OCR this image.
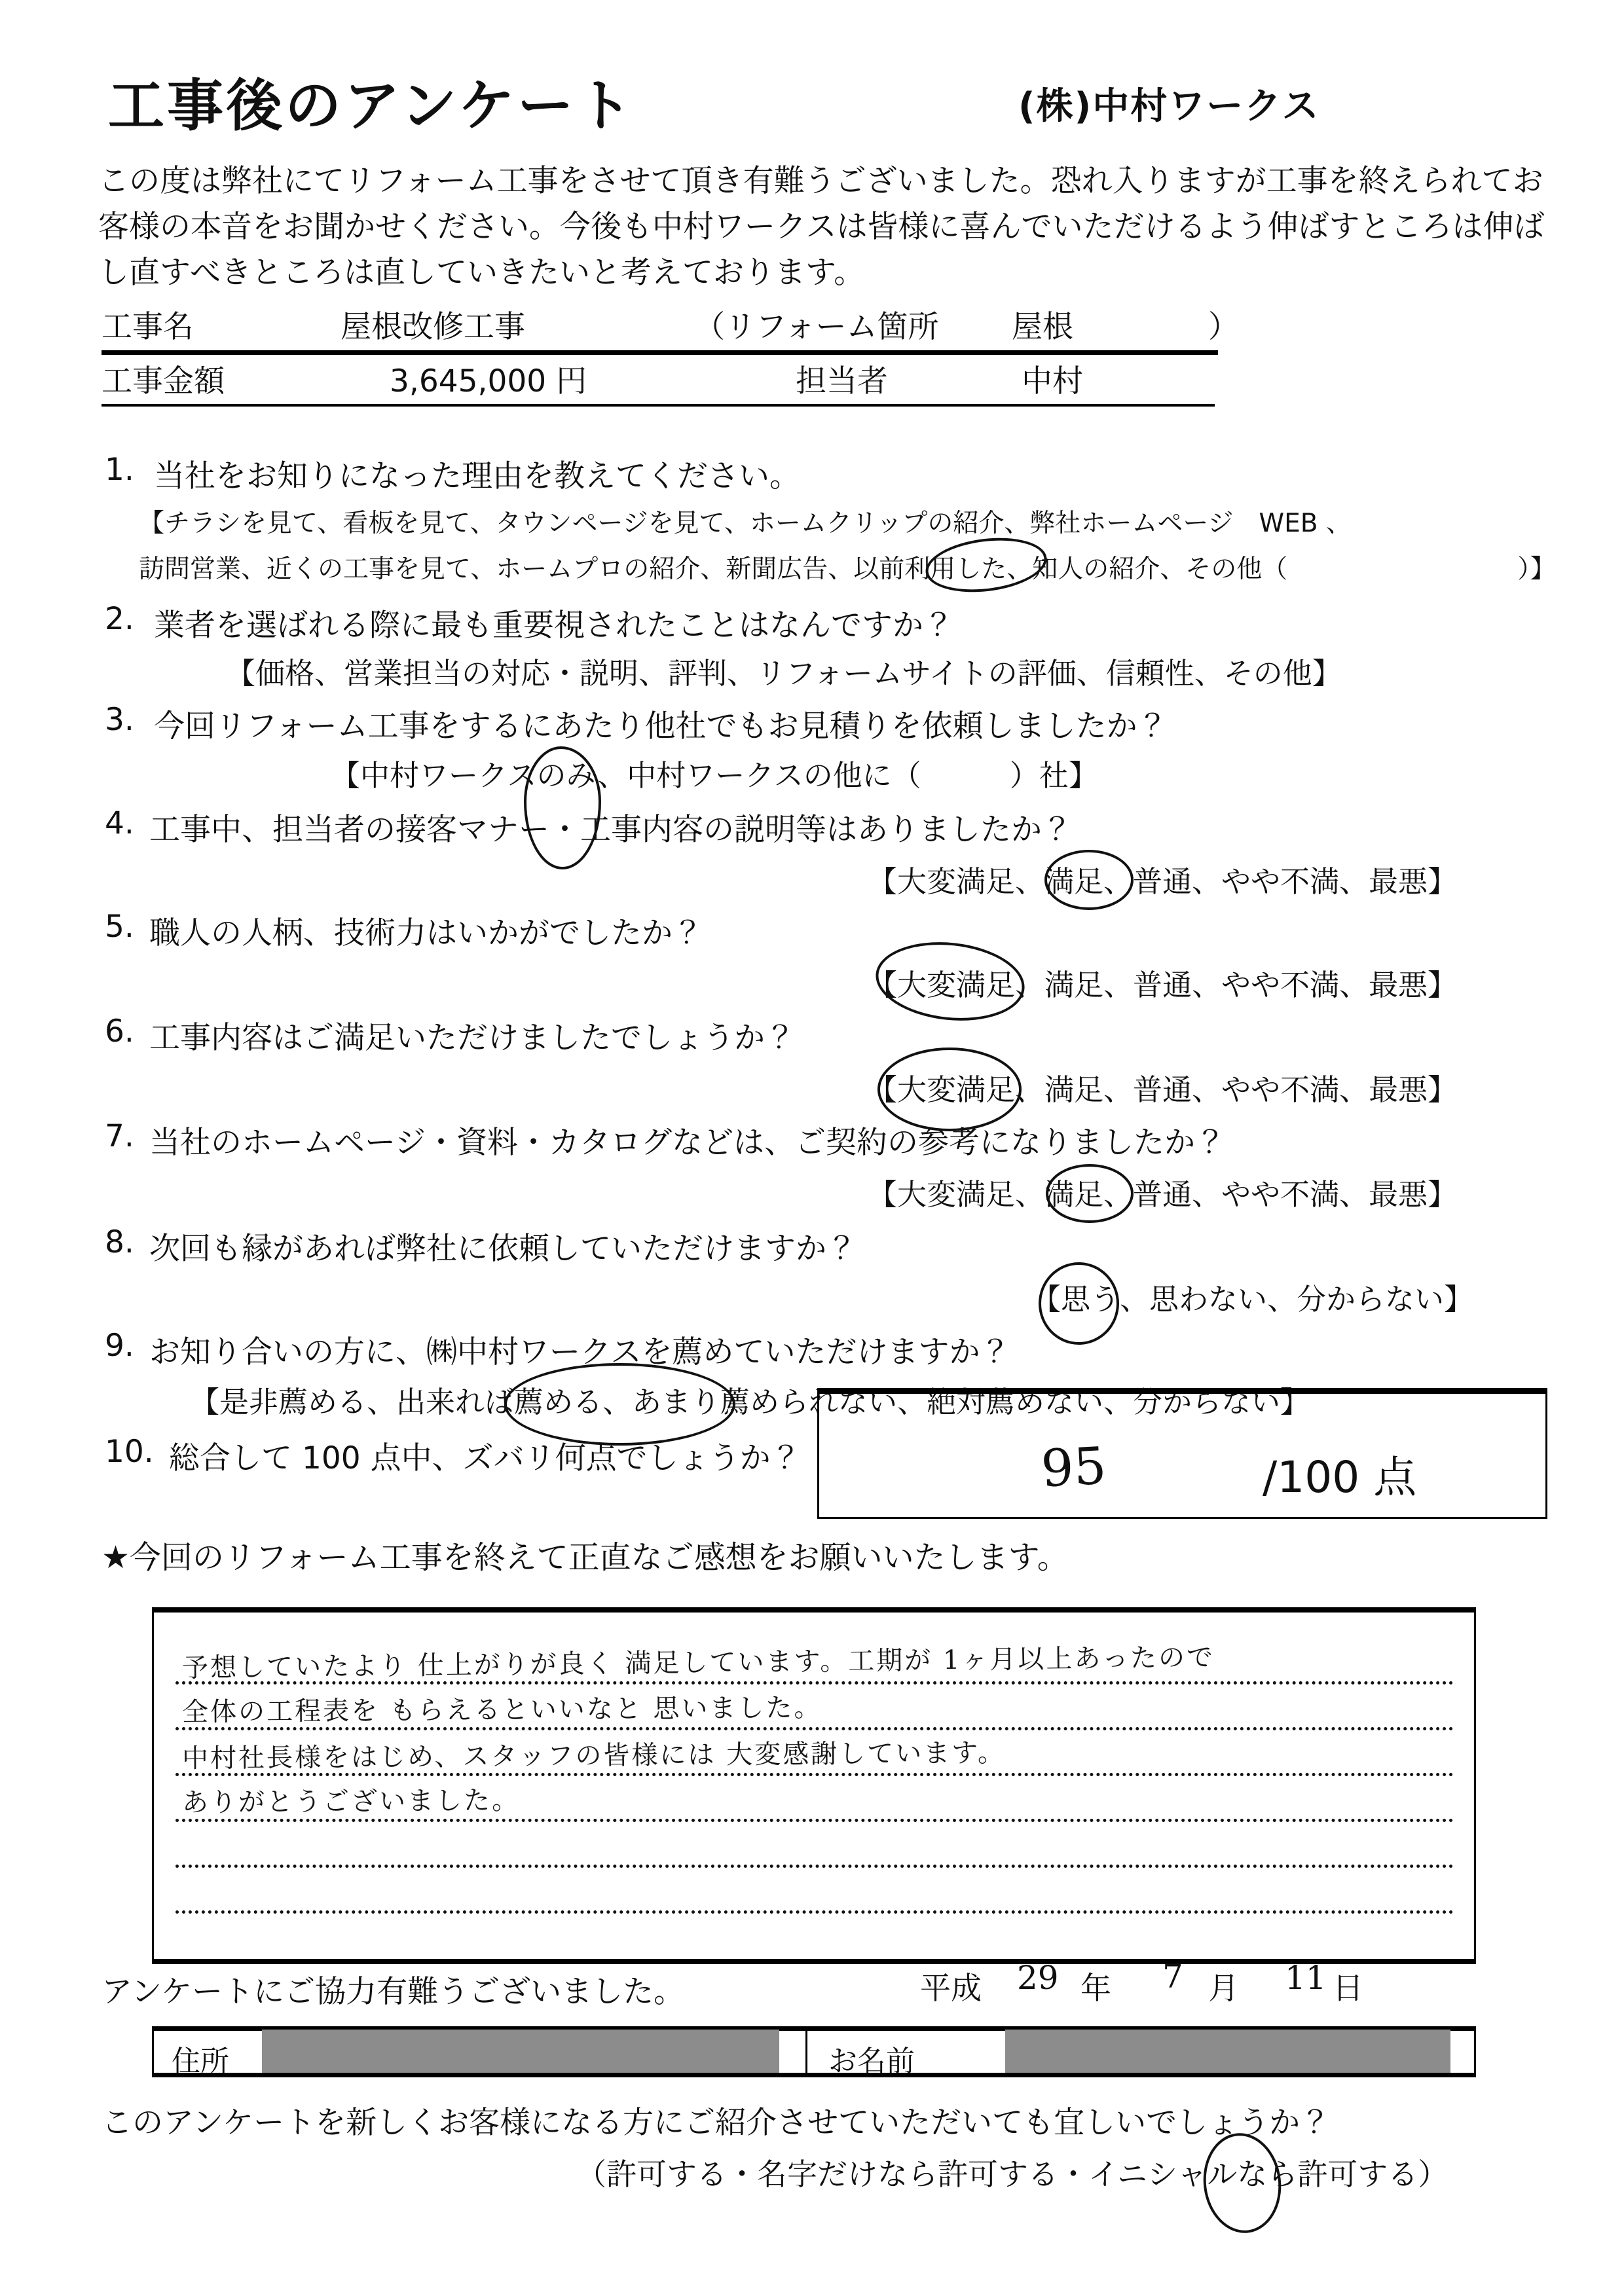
工事後のアンケート	(株)中村ワークス
この度は弊社にてリフォーム工事をさせて頂き有難うございました。恐れ入りますが工事を終えられてお客様の本音をお聞かせください。今後も中村ワークスは皆様に喜んでいただけるよう伸ばすところは伸ばし直すべきところは直していきたいと考えております。
工事名	屋根改修工事	（リフォーム箇所 屋根	）
工事金額	3,645,000 円	担当者	中村
1. 当社をお知りになった理由を教えてください。
【チラシを見て、看板を見て、タウンページを見て、ホームクリップの紹介、弊社ホームページ　WEB 、
訪問営業、近くの工事を見て、ホームプロの紹介、新聞広告、以前利用した、知人の紹介、その他（　　　　　　　　　）】
2. 業者を選ばれる際に最も重要視されたことはなんですか？
【価格、営業担当の対応・説明、評判、リフォームサイトの評価、信頼性、その他】
3. 今回リフォーム工事をするにあたり他社でもお見積りを依頼しましたか？
【中村ワークスのみ、中村ワークスの他に（　　　）社】
4. 工事中、担当者の接客マナー・工事内容の説明等はありましたか？
【大変満足、満足、普通、やや不満、最悪】
5. 職人の人柄、技術力はいかがでしたか？
【大変満足、満足、普通、やや不満、最悪】
6. 工事内容はご満足いただけましたでしょうか？
【大変満足、満足、普通、やや不満、最悪】
7. 当社のホームページ・資料・カタログなどは、ご契約の参考になりましたか？
【大変満足、満足、普通、やや不満、最悪】
8. 次回も縁があれば弊社に依頼していただけますか？
【思う、思わない、分からない】
9. お知り合いの方に、㈱中村ワークスを薦めていただけますか？
【是非薦める、出来れば薦める、あまり薦められない、絶対薦めない、分からない】
10. 総合して 100 点中、ズバリ何点でしょうか？	95	/100 点
★今回のリフォーム工事を終えて正直なご感想をお願いいたします。
予想していたより 仕上がりが良く 満足しています。工期が 1ヶ月以上あったので
全体の工程表を もらえるといいなと 思いました。
中村社長様をはじめ、スタッフの皆様には 大変感謝しています。
ありがとうございました。
アンケートにご協力有難うございました。	平成 29 年 7 月 11 日
住所	お名前
このアンケートを新しくお客様になる方にご紹介させていただいても宜しいでしょうか？
（許可する・名字だけなら許可する・イニシャルなら許可する）
